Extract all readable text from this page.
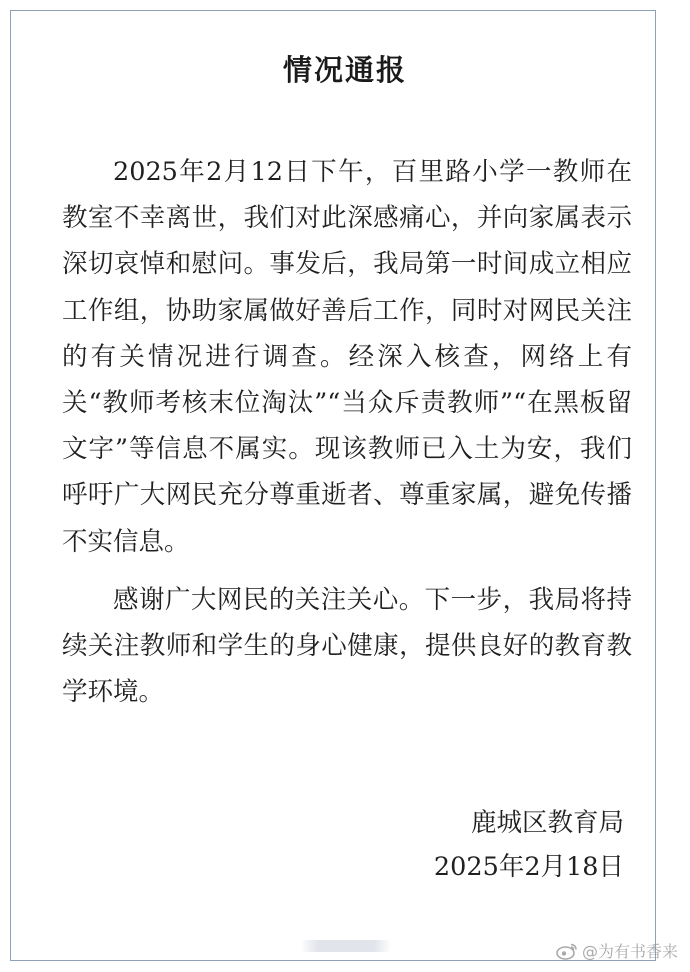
情况通报

2025年2月12日下午，百里路小学一教师在教室不幸离世，我们对此深感痛心，并向家属表示深切哀悼和慰问。事发后，我局第一时间成立相应工作组，协助家属做好善后工作，同时对网民关注的有关情况进行调查。经深入核查，网络上有关“教师考核末位淘汰”“当众斥责教师”“在黑板留文字”等信息不属实。现该教师已入土为安，我们呼吁广大网民充分尊重逝者、尊重家属，避免传播不实信息。

感谢广大网民的关注关心。下一步，我局将持续关注教师和学生的身心健康，提供良好的教育教学环境。

鹿城区教育局
2025年2月18日
@为有书香来
